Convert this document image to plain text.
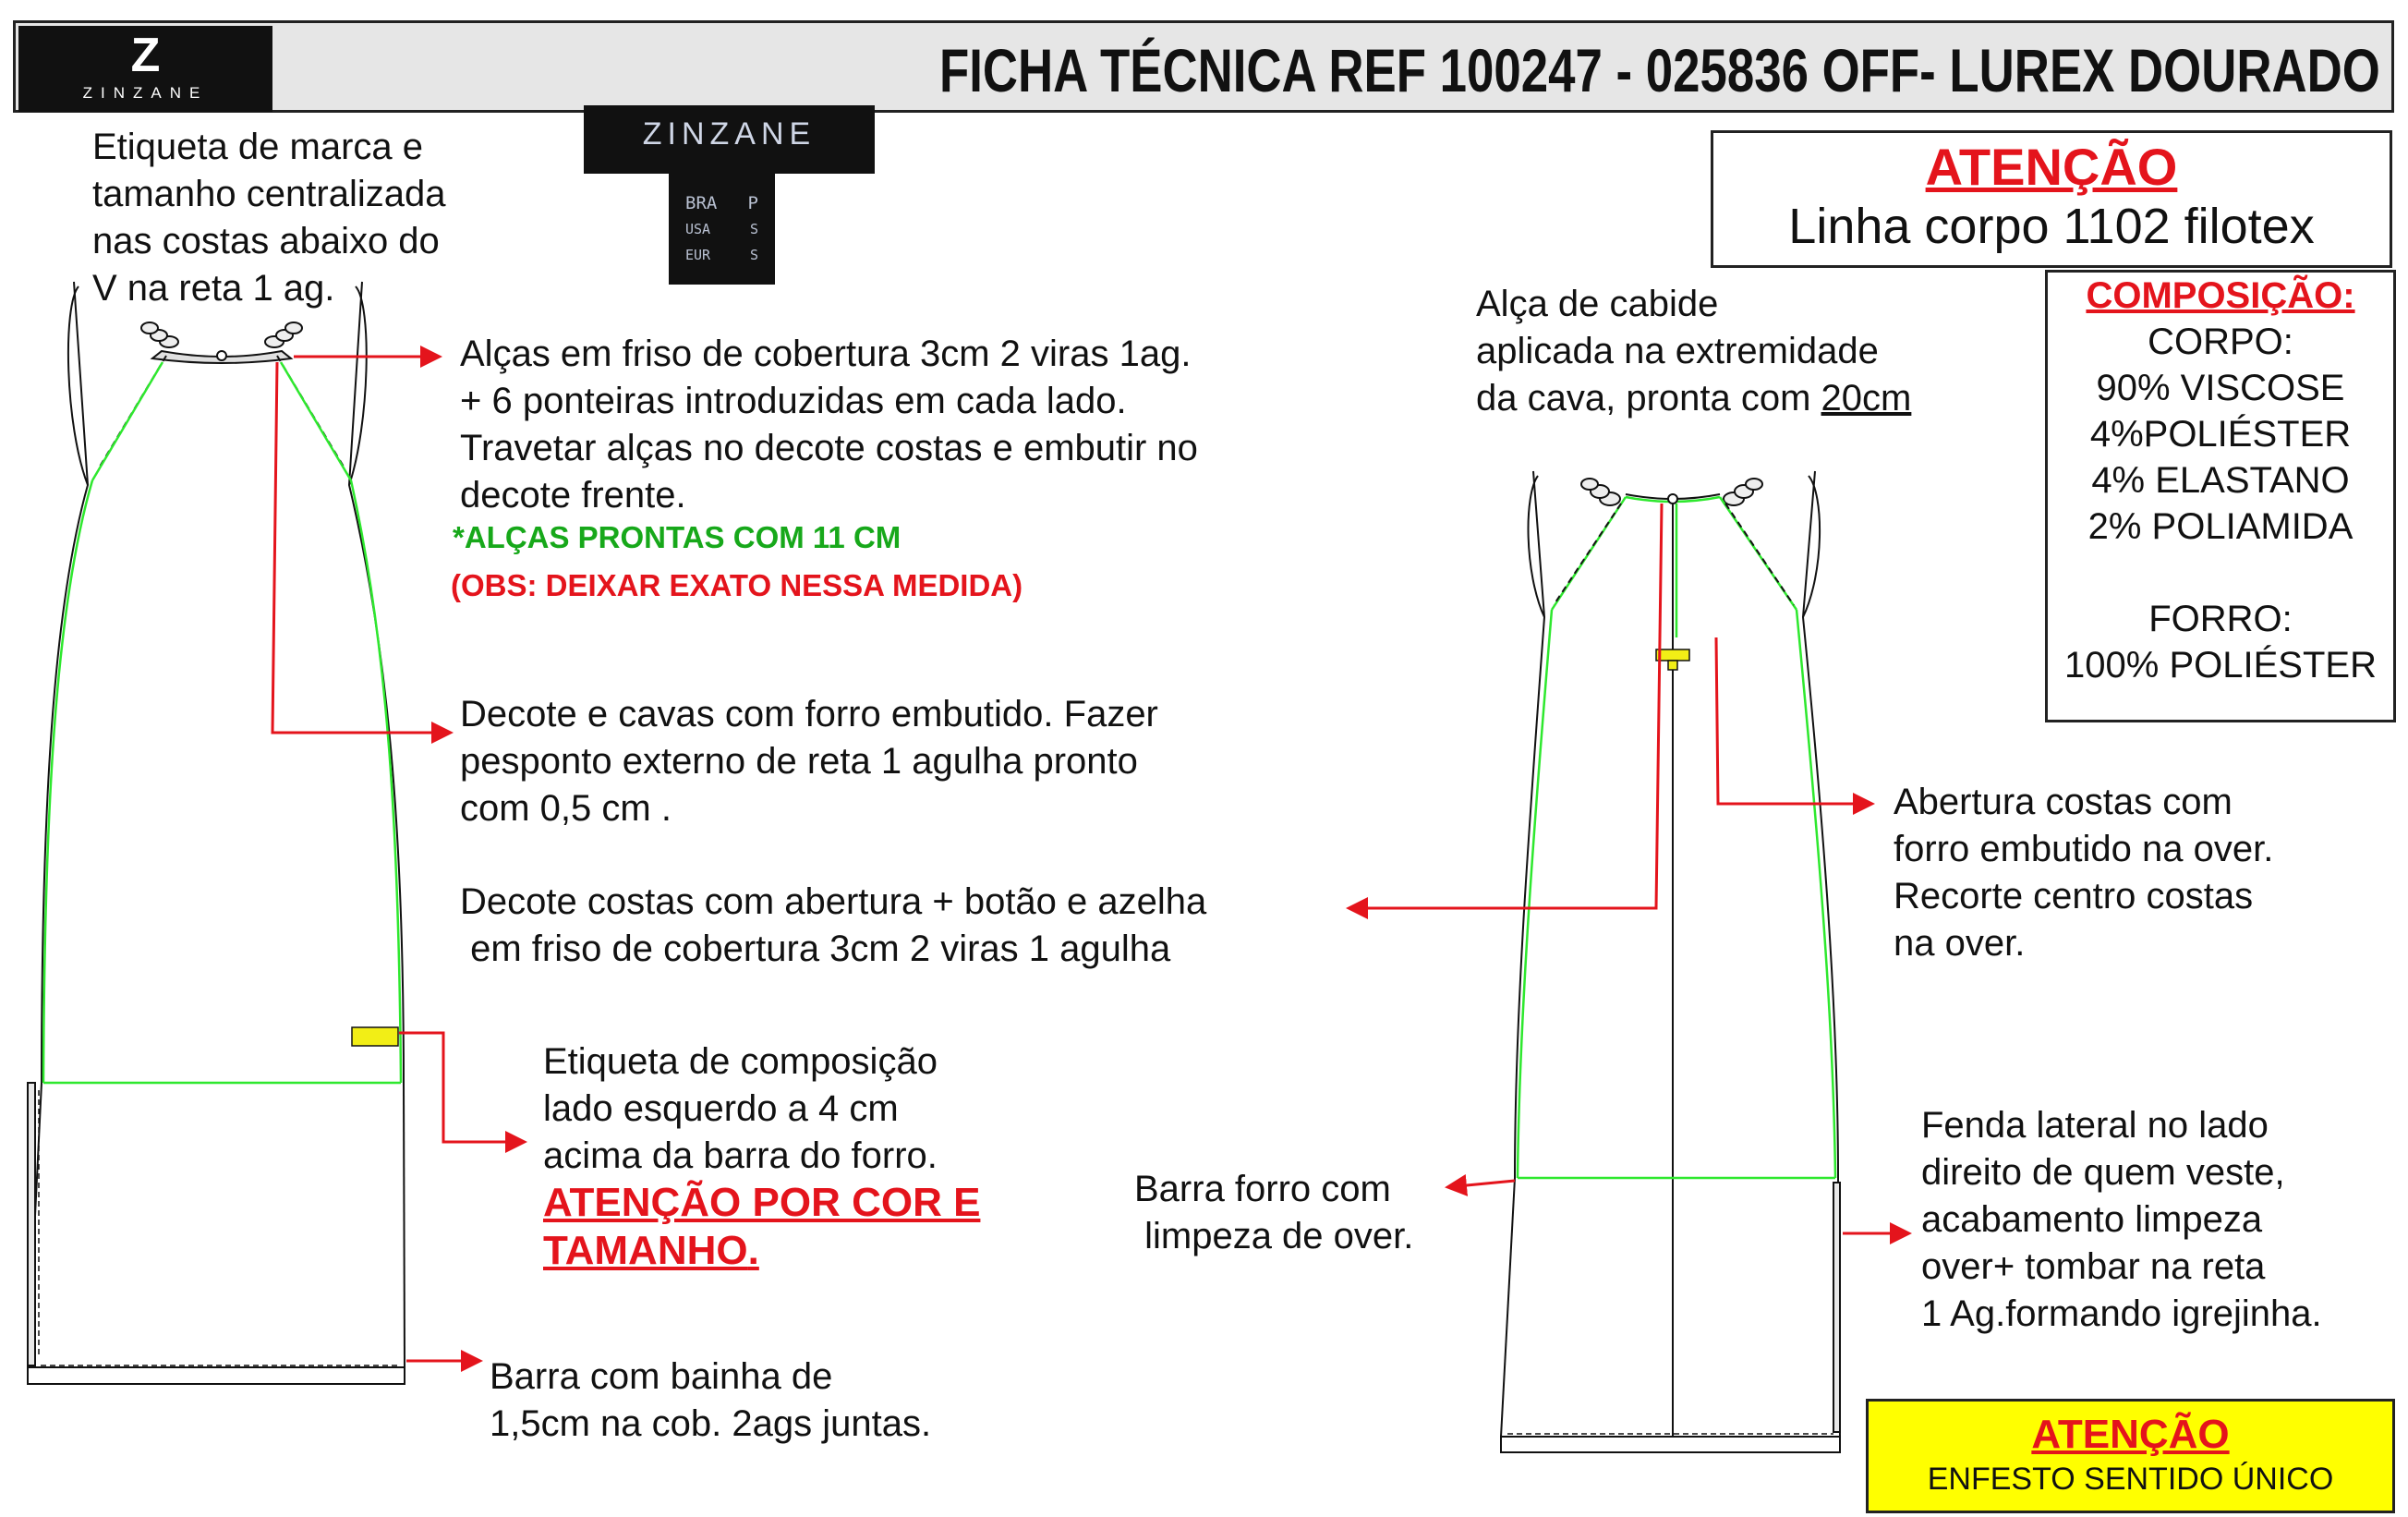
Z
ZINZANE	FICHA TÉCNICA REF 100247 - 025836 OFF- LUREX DOURADO
ZINZANE
BRA P
USA	S
EUR	S
Etiqueta de marca e
tamanho centralizada
nas costas abaixo do
V na reta 1 ag.
Alças em friso de cobertura 3cm 2 viras 1ag.
+ 6 ponteiras introduzidas em cada lado.
Travetar alças no decote costas e embutir no
decote frente.
*ALÇAS PRONTAS COM 11 CM
(OBS: DEIXAR EXATO NESSA MEDIDA)
Decote e cavas com forro embutido. Fazer
pesponto externo de reta 1 agulha pronto
com 0,5 cm .
Decote costas com abertura + botão e azelha
em friso de cobertura 3cm 2 viras 1 agulha
Etiqueta de composição
lado esquerdo a 4 cm
acima da barra do forro.
ATENÇÃO POR COR E
TAMANHO.
Barra com bainha de
1,5cm na cob. 2ags juntas.
Alça de cabide
aplicada na extremidade
da cava, pronta com 20cm
Abertura costas com
forro embutido na over.
Recorte centro costas
na over.
Barra forro com
limpeza de over.
Fenda lateral no lado
direito de quem veste,
acabamento limpeza
over+ tombar na reta
1 Ag.formando igrejinha.
ATENÇÃO
Linha corpo 1102 filotex
COMPOSIÇÃO:
CORPO:
90% VISCOSE
4%POLIÉSTER
4% ELASTANO
2% POLIAMIDA
FORRO:
100% POLIÉSTER
ATENÇÃO
ENFESTO SENTIDO ÚNICO
